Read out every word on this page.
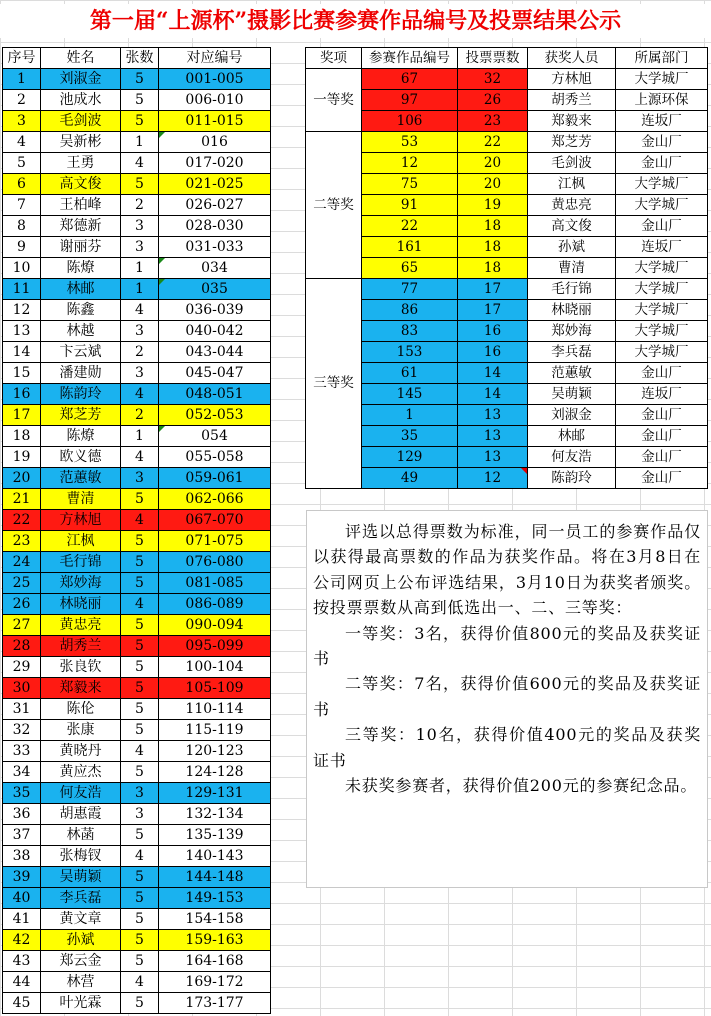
第一届“上源杯”摄影比赛参赛作品编号及投票结果公示
序号	姓名	张数	对应编号
1	刘淑金	5	001-005
2	池成水	5	006-010
3	毛剑波	5	011-015
4	吴新彬	1	016
5	王勇	4	017-020
6	高文俊	5	021-025
7	王柏峰	2	026-027
8	郑德新	3	028-030
9	谢丽芬	3	031-033
10	陈燎	1	034
11	林邮	1	035
12	陈鑫	4	036-039
13	林越	3	040-042
14	卞云斌	2	043-044
15	潘建勋	3	045-047
16	陈韵玲	4	048-051
17	郑芝芳	2	052-053
18	陈燎	1	054
19	欧义德	4	055-058
20	范蕙敏	3	059-061
21	曹清	5	062-066
22	方林旭	4	067-070
23	江枫	5	071-075
24	毛行锦	5	076-080
25	郑妙海	5	081-085
26	林晓丽	4	086-089
27	黄忠亮	5	090-094
28	胡秀兰	5	095-099
29	张良钦	5	100-104
30	郑毅来	5	105-109
31	陈伦	5	110-114
32	张康	5	115-119
33	黄晓丹	4	120-123
34	黄应杰	5	124-128
35	何友浩	3	129-131
36	胡惠霞	3	132-134
37	林菡	5	135-139
38	张梅钗	4	140-143
39	吴萌颖	5	144-148
40	李兵磊	5	149-153
41	黄文章	5	154-158
42	孙斌	5	159-163
43	郑云金	5	164-168
44	林营	4	169-172
45	叶光霖	5	173-177
奖项	参赛作品编号	投票票数	获奖人员	所属部门
一等奖	67	32	方林旭	大学城厂
	97	26	胡秀兰	上源环保
	106	23	郑毅来	连坂厂
二等奖	53	22	郑芝芳	金山厂
	12	20	毛剑波	金山厂
	75	20	江枫	大学城厂
	91	19	黄忠亮	大学城厂
	22	18	高文俊	金山厂
	161	18	孙斌	连坂厂
	65	18	曹清	大学城厂
三等奖	77	17	毛行锦	大学城厂
	86	17	林晓丽	大学城厂
	83	16	郑妙海	大学城厂
	153	16	李兵磊	大学城厂
	61	14	范蕙敏	金山厂
	145	14	吴萌颖	连坂厂
	1	13	刘淑金	金山厂
	35	13	林邮	金山厂
	129	13	何友浩	金山厂
	49	12	陈韵玲	金山厂

评选以总得票数为标准，同一员工的参赛作品仅以获得最高票数的作品为获奖作品。将在3月8日在公司网页上公布评选结果，3月10日为获奖者颁奖。按投票票数从高到低选出一、二、三等奖：

一等奖：3名，获得价值800元的奖品及获奖证书

二等奖：7名，获得价值600元的奖品及获奖证书

三等奖：10名，获得价值400元的奖品及获奖证书

未获奖参赛者，获得价值200元的参赛纪念品。
